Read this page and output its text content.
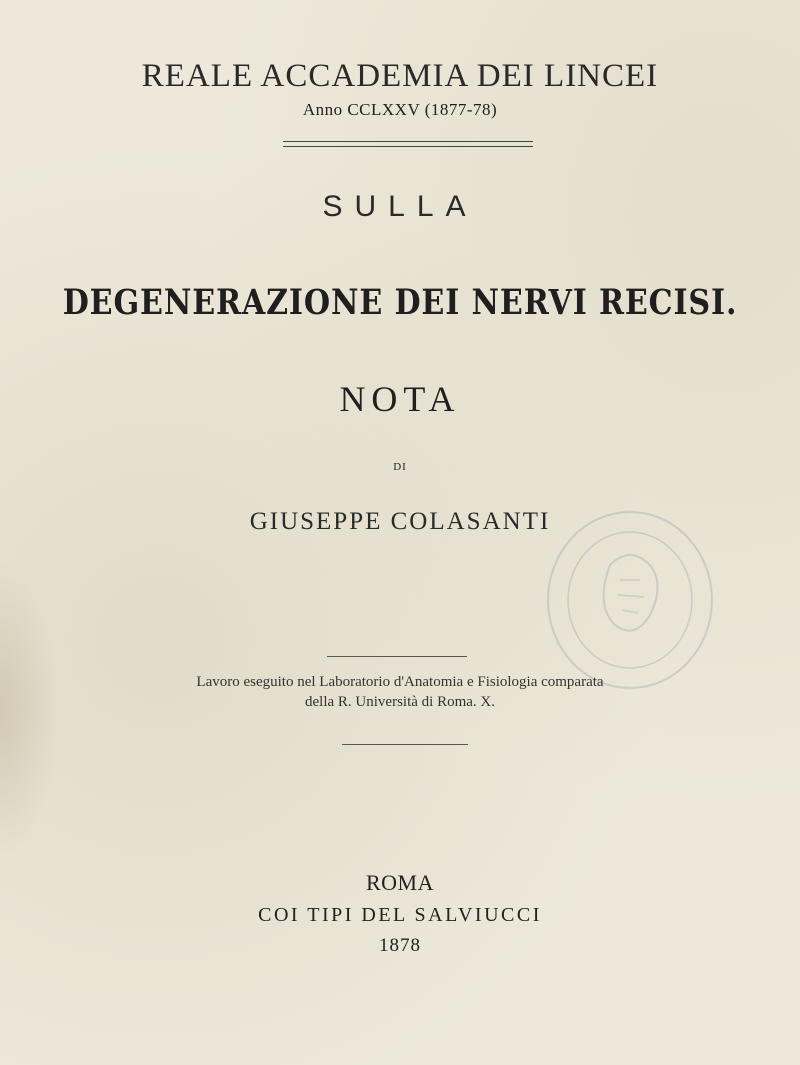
REALE ACCADEMIA DEI LINCEI
Anno CCLXXV (1877-78)
SULLA
DEGENERAZIONE DEI NERVI RECISI.
NOTA
DI
GIUSEPPE COLASANTI
Lavoro eseguito nel Laboratorio d'Anatomia e Fisiologia comparata
della R. Università di Roma. X.
ROMA
COI TIPI DEL SALVIUCCI
1878
